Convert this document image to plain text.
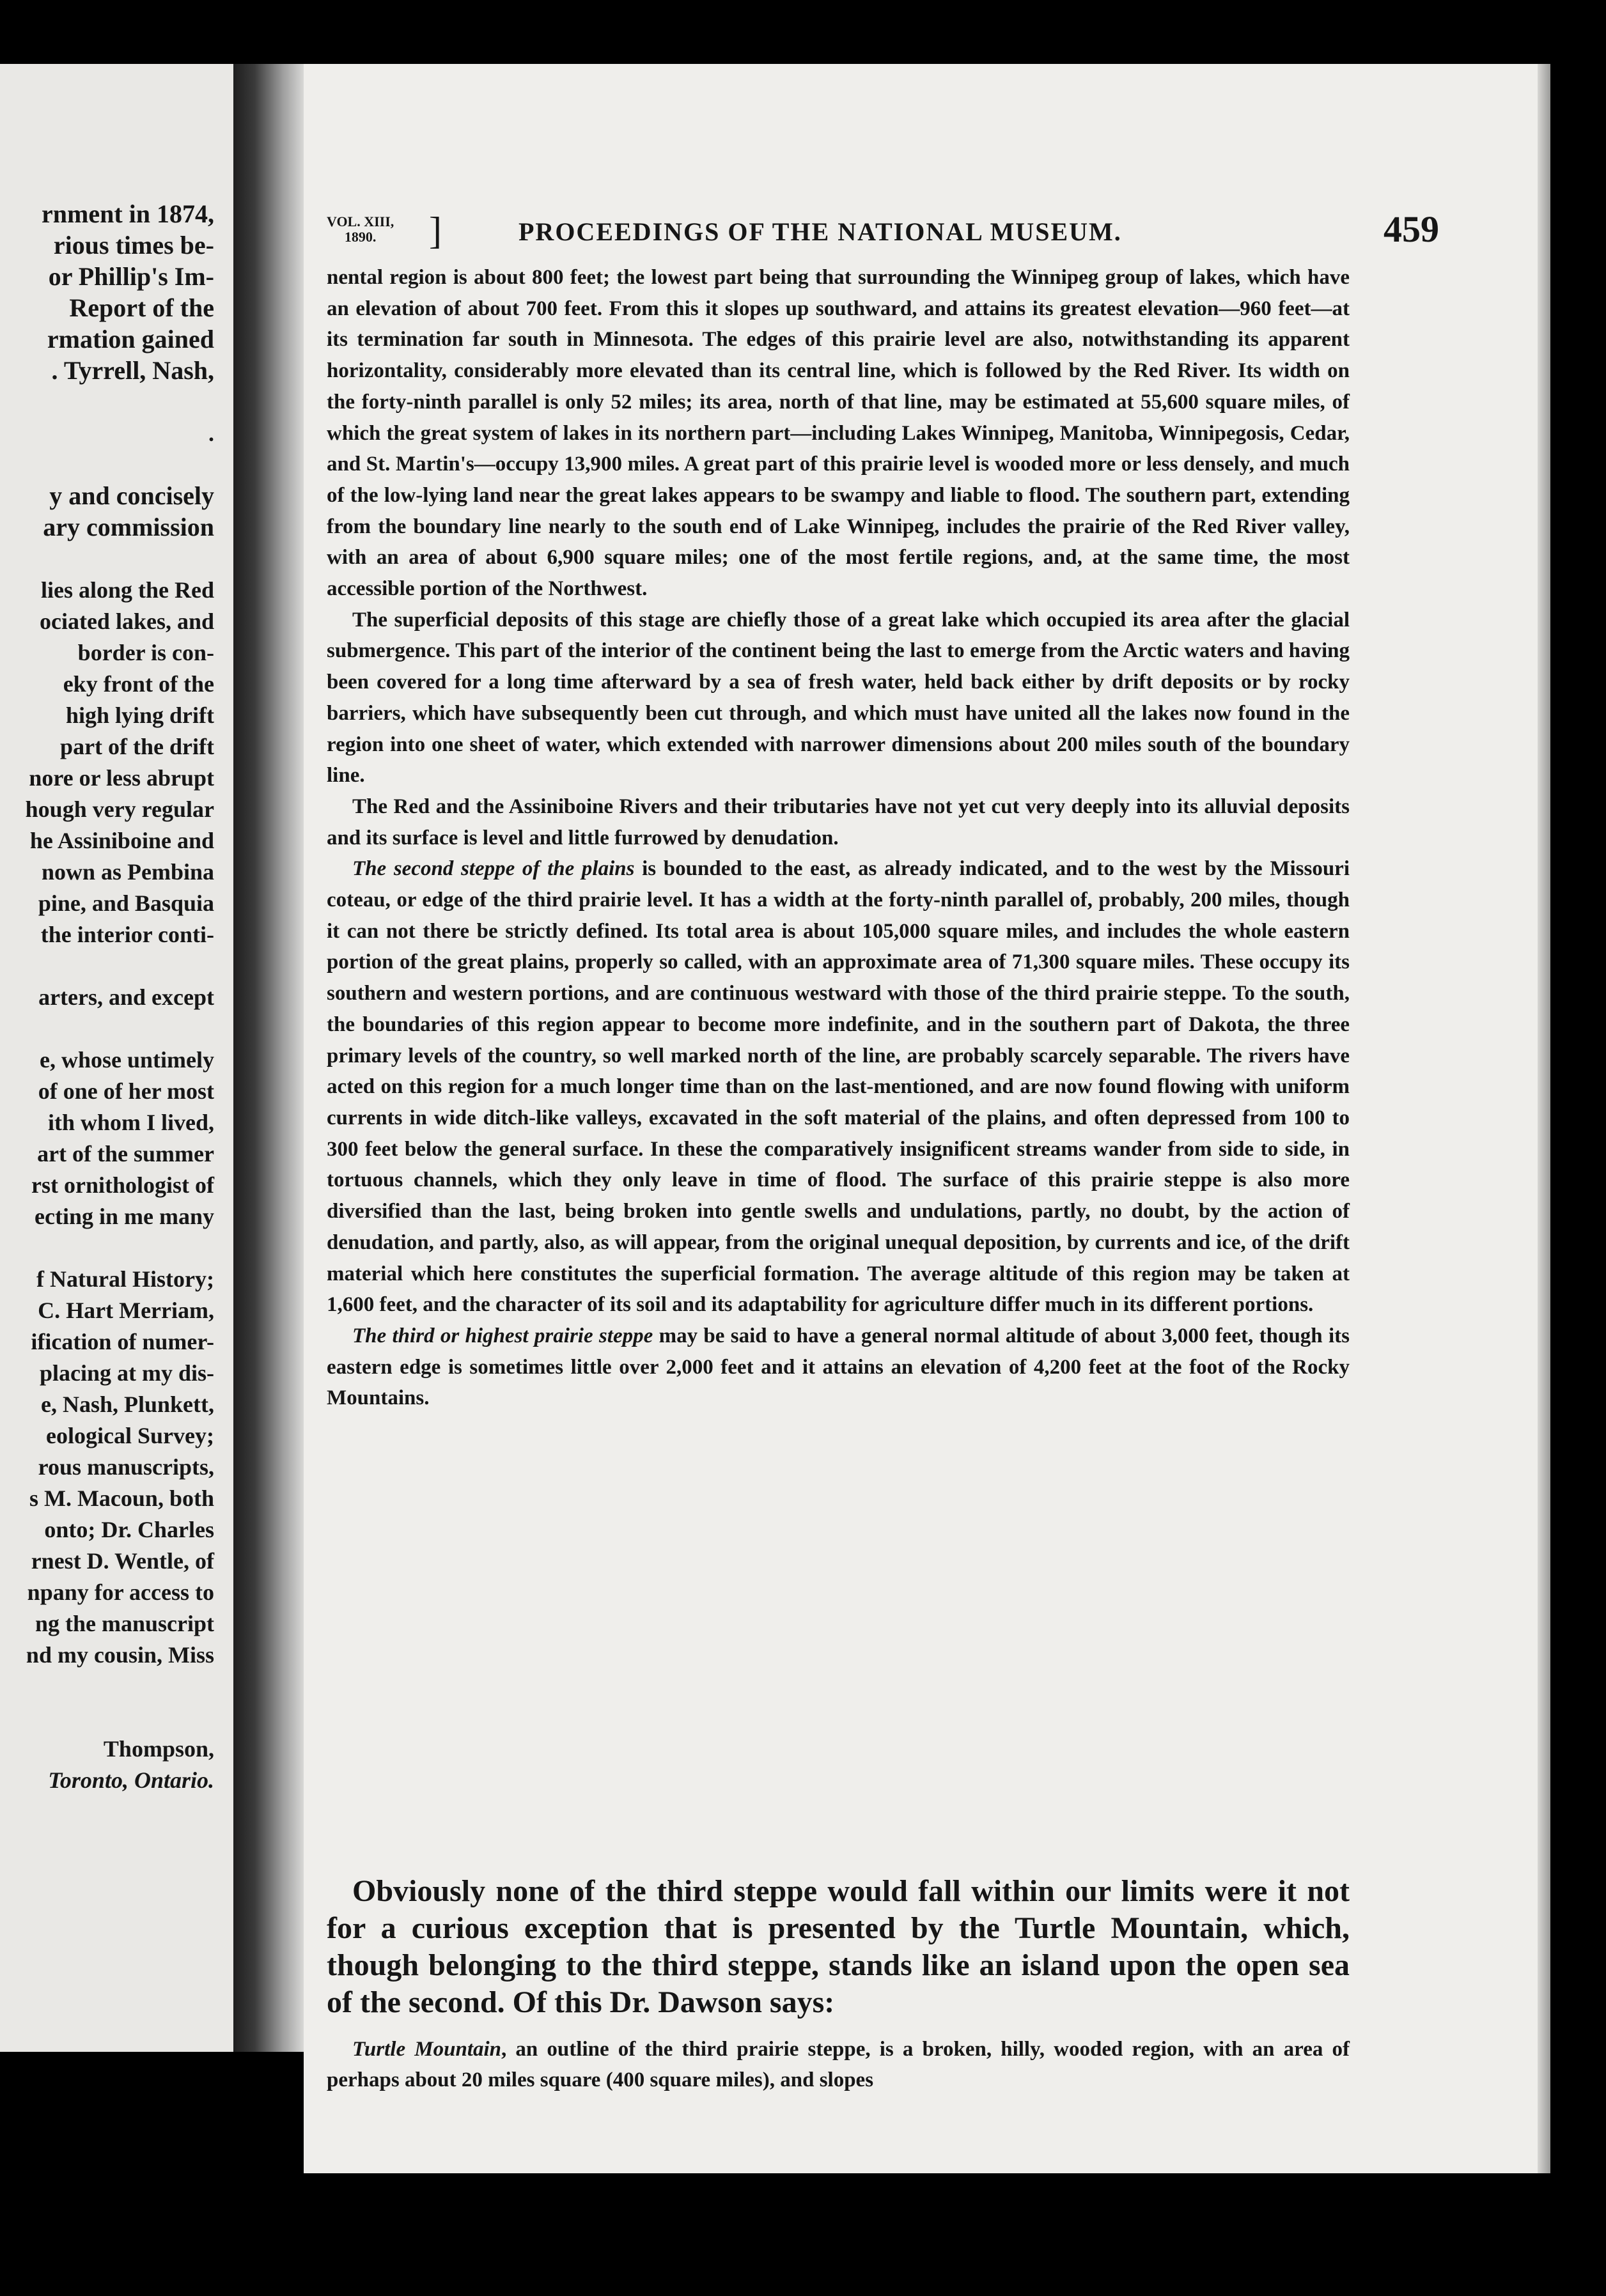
rnment in 1874,
rious times be-
or Phillip's Im-
Report of the
rmation gained
. Tyrrell, Nash,
.
y and concisely
ary commission
lies along the Red
ociated lakes, and
border is con-
eky front of the
high lying drift
part of the drift
nore or less abrupt
hough very regular
he Assiniboine and
nown as Pembina
pine, and Basquia
the interior conti-
arters, and except
e, whose untimely
of one of her most
ith whom I lived,
art of the summer
rst ornithologist of
ecting in me many
f Natural History;
C. Hart Merriam,
ification of numer-
placing at my dis-
e, Nash, Plunkett,
eological Survey;
rous manuscripts,
s M. Macoun, both
onto; Dr. Charles
rnest D. Wentle, of
npany for access to
ng the manuscript
nd my cousin, Miss
Thompson,
Toronto, Ontario.
VOL. XIII,
1890.	]	PROCEEDINGS OF THE NATIONAL MUSEUM.	459

nental region is about 800 feet; the lowest part being that surrounding the Winnipeg group of lakes, which have an elevation of about 700 feet. From this it slopes up southward, and attains its greatest elevation—960 feet—at its termination far south in Minnesota. The edges of this prairie level are also, notwithstanding its apparent horizontality, considerably more elevated than its central line, which is followed by the Red River. Its width on the forty-ninth parallel is only 52 miles; its area, north of that line, may be estimated at 55,600 square miles, of which the great system of lakes in its northern part—including Lakes Winnipeg, Manitoba, Winnipegosis, Cedar, and St. Martin's—occupy 13,900 miles. A great part of this prairie level is wooded more or less densely, and much of the low-lying land near the great lakes appears to be swampy and liable to flood. The southern part, extending from the boundary line nearly to the south end of Lake Winnipeg, includes the prairie of the Red River valley, with an area of about 6,900 square miles; one of the most fertile regions, and, at the same time, the most accessible portion of the Northwest.

The superficial deposits of this stage are chiefly those of a great lake which occupied its area after the glacial submergence. This part of the interior of the continent being the last to emerge from the Arctic waters and having been covered for a long time afterward by a sea of fresh water, held back either by drift deposits or by rocky barriers, which have subsequently been cut through, and which must have united all the lakes now found in the region into one sheet of water, which extended with narrower dimensions about 200 miles south of the boundary line.

The Red and the Assiniboine Rivers and their tributaries have not yet cut very deeply into its alluvial deposits and its surface is level and little furrowed by denudation.

The second steppe of the plains is bounded to the east, as already indicated, and to the west by the Missouri coteau, or edge of the third prairie level. It has a width at the forty-ninth parallel of, probably, 200 miles, though it can not there be strictly defined. Its total area is about 105,000 square miles, and includes the whole eastern portion of the great plains, properly so called, with an approximate area of 71,300 square miles. These occupy its southern and western portions, and are continuous westward with those of the third prairie steppe. To the south, the boundaries of this region appear to become more indefinite, and in the southern part of Dakota, the three primary levels of the country, so well marked north of the line, are probably scarcely separable. The rivers have acted on this region for a much longer time than on the last-mentioned, and are now found flowing with uniform currents in wide ditch-like valleys, excavated in the soft material of the plains, and often depressed from 100 to 300 feet below the general surface. In these the comparatively insignificent streams wander from side to side, in tortuous channels, which they only leave in time of flood. The surface of this prairie steppe is also more diversified than the last, being broken into gentle swells and undulations, partly, no doubt, by the action of denudation, and partly, also, as will appear, from the original unequal deposition, by currents and ice, of the drift material which here constitutes the superficial formation. The average altitude of this region may be taken at 1,600 feet, and the character of its soil and its adaptability for agriculture differ much in its different portions.

The third or highest prairie steppe may be said to have a general normal altitude of about 3,000 feet, though its eastern edge is sometimes little over 2,000 feet and it attains an elevation of 4,200 feet at the foot of the Rocky Mountains.

Obviously none of the third steppe would fall within our limits were it not for a curious exception that is presented by the Turtle Mountain, which, though belonging to the third steppe, stands like an island upon the open sea of the second. Of this Dr. Dawson says:

Turtle Mountain, an outline of the third prairie steppe, is a broken, hilly, wooded region, with an area of perhaps about 20 miles square (400 square miles), and slopes
